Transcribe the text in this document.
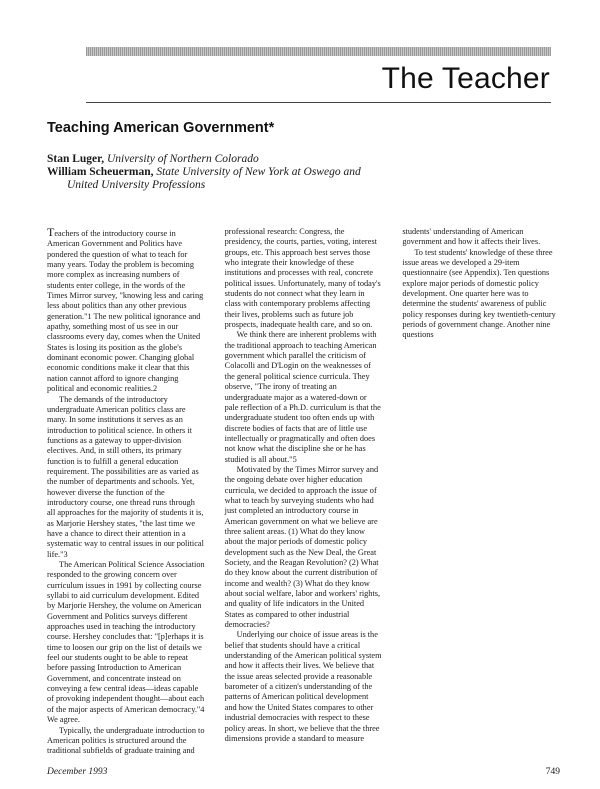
The Teacher
Teaching American Government*
Stan Luger, University of Northern Colorado
William Scheuerman, State University of New York at Oswego and
United University Professions

Teachers of the introductory course in American Government and Politics have pondered the question of what to teach for many years. Today the problem is becoming more complex as increasing numbers of students enter college, in the words of the Times Mirror survey, "knowing less and caring less about politics than any other previous generation."1 The new political ignorance and apathy, something most of us see in our classrooms every day, comes when the United States is losing its position as the globe's dominant economic power. Changing global economic conditions make it clear that this nation cannot afford to ignore changing political and economic realities.2

The demands of the introductory undergraduate American politics class are many. In some institutions it serves as an introduction to political science. In others it functions as a gateway to upper-division electives. And, in still others, its primary function is to fulfill a general education requirement. The possibilities are as varied as the number of departments and schools. Yet, however diverse the function of the introductory course, one thread runs through all approaches for the majority of students it is, as Marjorie Hershey states, "the last time we have a chance to direct their attention in a systematic way to central issues in our political life."3

The American Political Science Association responded to the growing concern over curriculum issues in 1991 by collecting course syllabi to aid curriculum development. Edited by Marjorie Hershey, the volume on American Government and Politics surveys different approaches used in teaching the introductory course. Hershey concludes that: "[p]erhaps it is time to loosen our grip on the list of details we feel our students ought to be able to repeat before passing Introduction to American Government, and concentrate instead on conveying a few central ideas—ideas capable of provoking independent thought—about each of the major aspects of American democracy."4 We agree.

Typically, the undergraduate introduction to American politics is structured around the traditional subfields of graduate training and professional research: Congress, the presidency, the courts, parties, voting, interest groups, etc. This approach best serves those who integrate their knowledge of these institutions and processes with real, concrete political issues. Unfortunately, many of today's students do not connect what they learn in class with contemporary problems affecting their lives, problems such as future job prospects, inadequate health care, and so on.

We think there are inherent problems with the traditional approach to teaching American government which parallel the criticism of Colacolli and D'Login on the weaknesses of the general political science curricula. They observe, "The irony of treating an undergraduate major as a watered-down or pale reflection of a Ph.D. curriculum is that the undergraduate student too often ends up with discrete bodies of facts that are of little use intellectually or pragmatically and often does not know what the discipline she or he has studied is all about."5

Motivated by the Times Mirror survey and the ongoing debate over higher education curricula, we decided to approach the issue of what to teach by surveying students who had just completed an introductory course in American government on what we believe are three salient areas. (1) What do they know about the major periods of domestic policy development such as the New Deal, the Great Society, and the Reagan Revolution? (2) What do they know about the current distribution of income and wealth? (3) What do they know about social welfare, labor and workers' rights, and quality of life indicators in the United States as compared to other industrial democracies?

Underlying our choice of issue areas is the belief that students should have a critical understanding of the American political system and how it affects their lives. We believe that the issue areas selected provide a reasonable barometer of a citizen's understanding of the patterns of American political development and how the United States compares to other industrial democracies with respect to these policy areas. In short, we believe that the three dimensions provide a standard to measure students' understanding of American government and how it affects their lives.

To test students' knowledge of these three issue areas we developed a 29-item questionnaire (see Appendix). Ten questions explore major periods of domestic policy development. One quarter here was to determine the students' awareness of public policy responses during key twentieth-century periods of government change. Another nine questions

December 1993	749
